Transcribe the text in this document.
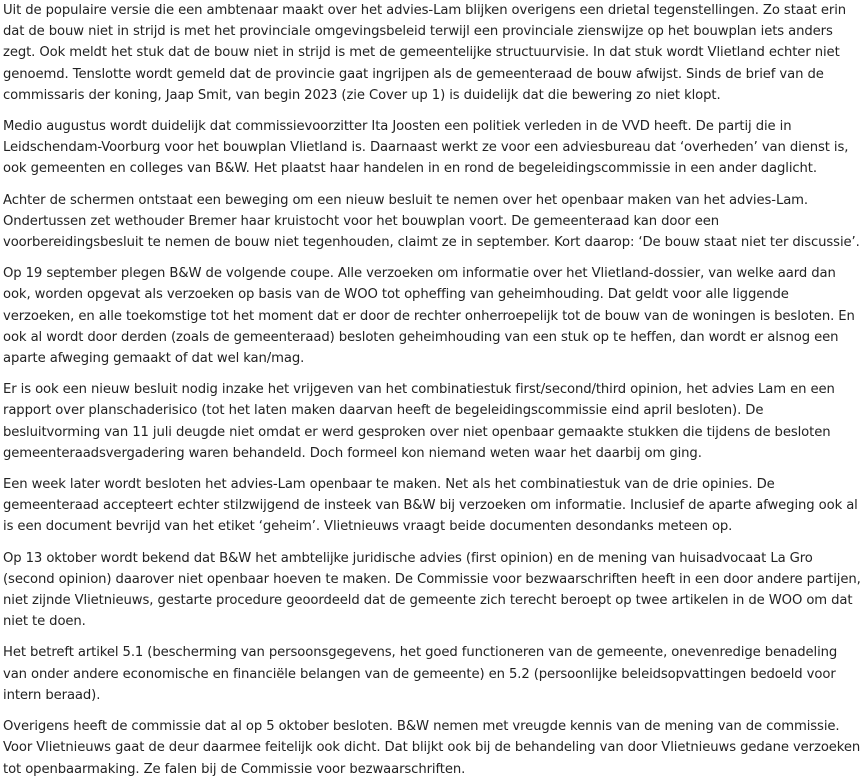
Uit de populaire versie die een ambtenaar maakt over het advies-Lam blijken overigens een drietal tegenstellingen. Zo staat erin dat de bouw niet in strijd is met het provinciale omgevingsbeleid terwijl een provinciale zienswijze op het bouwplan iets anders zegt. Ook meldt het stuk dat de bouw niet in strijd is met de gemeentelijke structuurvisie. In dat stuk wordt Vlietland echter niet genoemd. Tenslotte wordt gemeld dat de provincie gaat ingrijpen als de gemeenteraad de bouw afwijst. Sinds de brief van de commissaris der koning, Jaap Smit, van begin 2023 (zie Cover up 1) is duidelijk dat die bewering zo niet klopt.

Medio augustus wordt duidelijk dat commissievoorzitter Ita Joosten een politiek verleden in de VVD heeft. De partij die in Leidschendam-Voorburg voor het bouwplan Vlietland is. Daarnaast werkt ze voor een adviesbureau dat ‘overheden’ van dienst is, ook gemeenten en colleges van B&W. Het plaatst haar handelen in en rond de begeleidingscommissie in een ander daglicht.

Achter de schermen ontstaat een beweging om een nieuw besluit te nemen over het openbaar maken van het advies-Lam. Ondertussen zet wethouder Bremer haar kruistocht voor het bouwplan voort. De gemeenteraad kan door een voorbereidingsbesluit te nemen de bouw niet tegenhouden, claimt ze in september. Kort daarop: ‘De bouw staat niet ter discussie’.

Op 19 september plegen B&W de volgende coupe. Alle verzoeken om informatie over het Vlietland-dossier, van welke aard dan ook, worden opgevat als verzoeken op basis van de WOO tot opheffing van geheimhouding. Dat geldt voor alle liggende verzoeken, en alle toekomstige tot het moment dat er door de rechter onherroepelijk tot de bouw van de woningen is besloten. En ook al wordt door derden (zoals de gemeenteraad) besloten geheimhouding van een stuk op te heffen, dan wordt er alsnog een aparte afweging gemaakt of dat wel kan/mag.

Er is ook een nieuw besluit nodig inzake het vrijgeven van het combinatiestuk first/second/third opinion, het advies Lam en een rapport over planschaderisico (tot het laten maken daarvan heeft de begeleidingscommissie eind april besloten). De besluitvorming van 11 juli deugde niet omdat er werd gesproken over niet openbaar gemaakte stukken die tijdens de besloten gemeenteraadsvergadering waren behandeld. Doch formeel kon niemand weten waar het daarbij om ging.

Een week later wordt besloten het advies-Lam openbaar te maken. Net als het combinatiestuk van de drie opinies. De gemeenteraad accepteert echter stilzwijgend de insteek van B&W bij verzoeken om informatie. Inclusief de aparte afweging ook al is een document bevrijd van het etiket ‘geheim’. Vlietnieuws vraagt beide documenten desondanks meteen op.

Op 13 oktober wordt bekend dat B&W het ambtelijke juridische advies (first opinion) en de mening van huisadvocaat La Gro (second opinion) daarover niet openbaar hoeven te maken. De Commissie voor bezwaarschriften heeft in een door andere partijen, niet zijnde Vlietnieuws, gestarte procedure geoordeeld dat de gemeente zich terecht beroept op twee artikelen in de WOO om dat niet te doen.

Het betreft artikel 5.1 (bescherming van persoonsgegevens, het goed functioneren van de gemeente, onevenredige benadeling van onder andere economische en financiële belangen van de gemeente) en 5.2 (persoonlijke beleidsopvattingen bedoeld voor intern beraad).

Overigens heeft de commissie dat al op 5 oktober besloten. B&W nemen met vreugde kennis van de mening van de commissie. Voor Vlietnieuws gaat de deur daarmee feitelijk ook dicht. Dat blijkt ook bij de behandeling van door Vlietnieuws gedane verzoeken tot openbaarmaking. Ze falen bij de Commissie voor bezwaarschriften.
